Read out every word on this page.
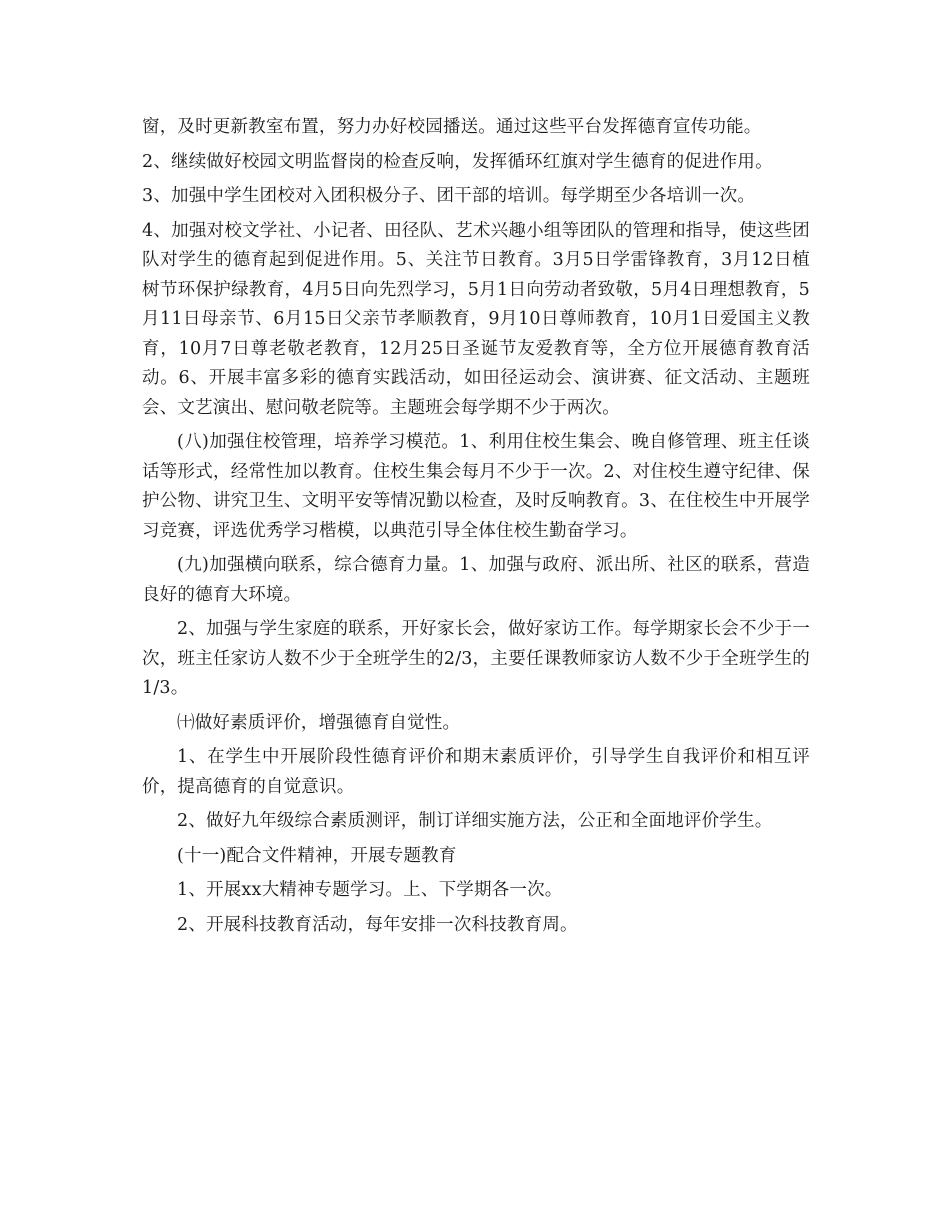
窗，及时更新教室布置，努力办好校园播送。通过这些平台发挥德育宣传功能。

2、继续做好校园文明监督岗的检查反响，发挥循环红旗对学生德育的促进作用。

3、加强中学生团校对入团积极分子、团干部的培训。每学期至少各培训一次。

4、加强对校文学社、小记者、田径队、艺术兴趣小组等团队的管理和指导，使这些团队对学生的德育起到促进作用。5、关注节日教育。3月5日学雷锋教育，3月12日植树节环保护绿教育，4月5日向先烈学习，5月1日向劳动者致敬，5月4日理想教育，5月11日母亲节、6月15日父亲节孝顺教育，9月10日尊师教育，10月1日爱国主义教育，10月7日尊老敬老教育，12月25日圣诞节友爱教育等，全方位开展德育教育活动。6、开展丰富多彩的德育实践活动，如田径运动会、演讲赛、征文活动、主题班会、文艺演出、慰问敬老院等。主题班会每学期不少于两次。

(八)加强住校管理，培养学习模范。1、利用住校生集会、晚自修管理、班主任谈话等形式，经常性加以教育。住校生集会每月不少于一次。2、对住校生遵守纪律、保护公物、讲究卫生、文明平安等情况勤以检查，及时反响教育。3、在住校生中开展学习竞赛，评选优秀学习楷模，以典范引导全体住校生勤奋学习。

(九)加强横向联系，综合德育力量。1、加强与政府、派出所、社区的联系，营造良好的德育大环境。

2、加强与学生家庭的联系，开好家长会，做好家访工作。每学期家长会不少于一次，班主任家访人数不少于全班学生的2/3，主要任课教师家访人数不少于全班学生的1/3。

㈩做好素质评价，增强德育自觉性。

1、在学生中开展阶段性德育评价和期末素质评价，引导学生自我评价和相互评价，提高德育的自觉意识。

2、做好九年级综合素质测评，制订详细实施方法，公正和全面地评价学生。

(十一)配合文件精神，开展专题教育

1、开展xx大精神专题学习。上、下学期各一次。

2、开展科技教育活动，每年安排一次科技教育周。
